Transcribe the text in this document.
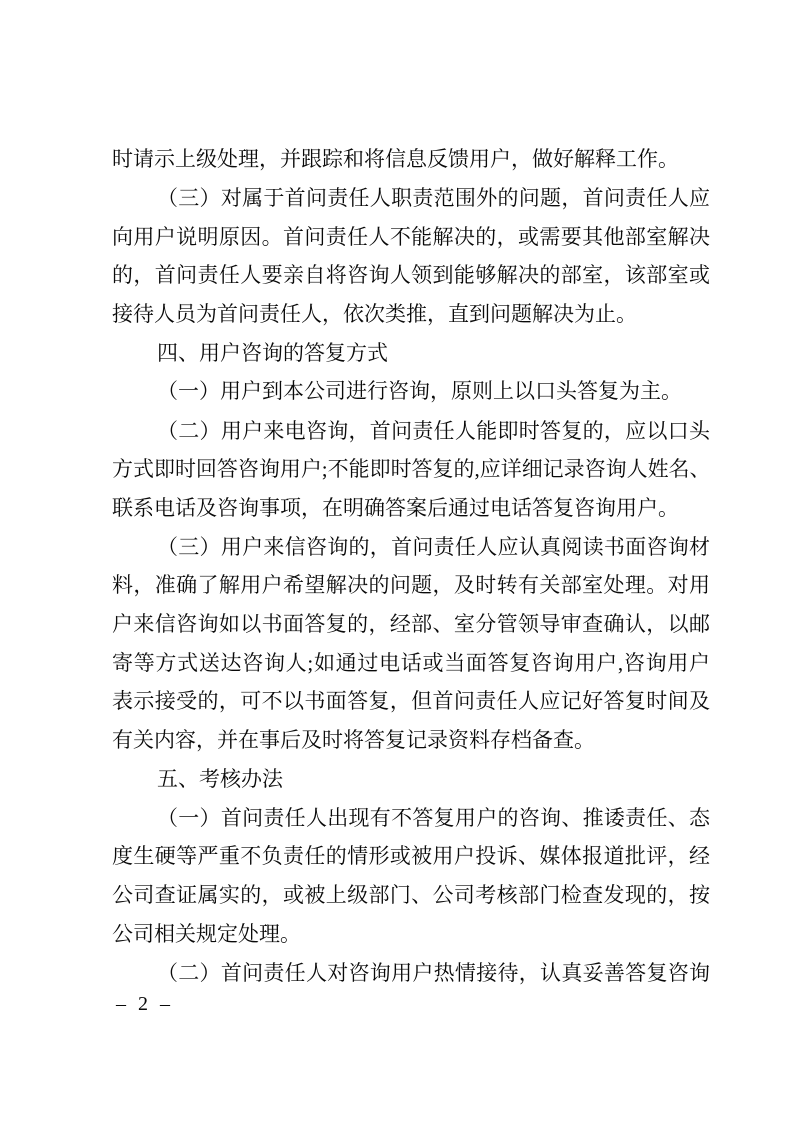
时请示上级处理，并跟踪和将信息反馈用户，做好解释工作。
（三）对属于首问责任人职责范围外的问题，首问责任人应
向用户说明原因。首问责任人不能解决的，或需要其他部室解决
的，首问责任人要亲自将咨询人领到能够解决的部室，该部室或
接待人员为首问责任人，依次类推，直到问题解决为止。
四、用户咨询的答复方式
（一）用户到本公司进行咨询，原则上以口头答复为主。
（二）用户来电咨询，首问责任人能即时答复的，应以口头
方式即时回答咨询用户;不能即时答复的,应详细记录咨询人姓名、
联系电话及咨询事项，在明确答案后通过电话答复咨询用户。
（三）用户来信咨询的，首问责任人应认真阅读书面咨询材
料，准确了解用户希望解决的问题，及时转有关部室处理。对用
户来信咨询如以书面答复的，经部、室分管领导审查确认，以邮
寄等方式送达咨询人;如通过电话或当面答复咨询用户,咨询用户
表示接受的，可不以书面答复，但首问责任人应记好答复时间及
有关内容，并在事后及时将答复记录资料存档备查。
五、考核办法
（一）首问责任人出现有不答复用户的咨询、推诿责任、态
度生硬等严重不负责任的情形或被用户投诉、媒体报道批评，经
公司查证属实的，或被上级部门、公司考核部门检查发现的，按
公司相关规定处理。
（二）首问责任人对咨询用户热情接待，认真妥善答复咨询
– 2 –
